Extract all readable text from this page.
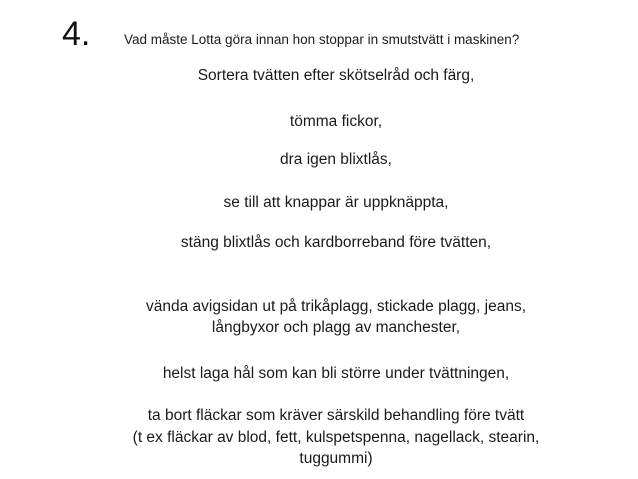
4. Vad måste Lotta göra innan hon stoppar in smutstvätt i maskinen?
Sortera tvätten efter skötselråd och färg,
tömma fickor,
dra igen blixtlås,
se till att knappar är uppknäppta,
stäng blixtlås och kardborreband före tvätten,
vända avigsidan ut på trikåplagg, stickade plagg, jeans,
långbyxor och plagg av manchester,
helst laga hål som kan bli större under tvättningen,
ta bort fläckar som kräver särskild behandling före tvätt
(t ex fläckar av blod, fett, kulspetspenna, nagellack, stearin,
tuggummi)
